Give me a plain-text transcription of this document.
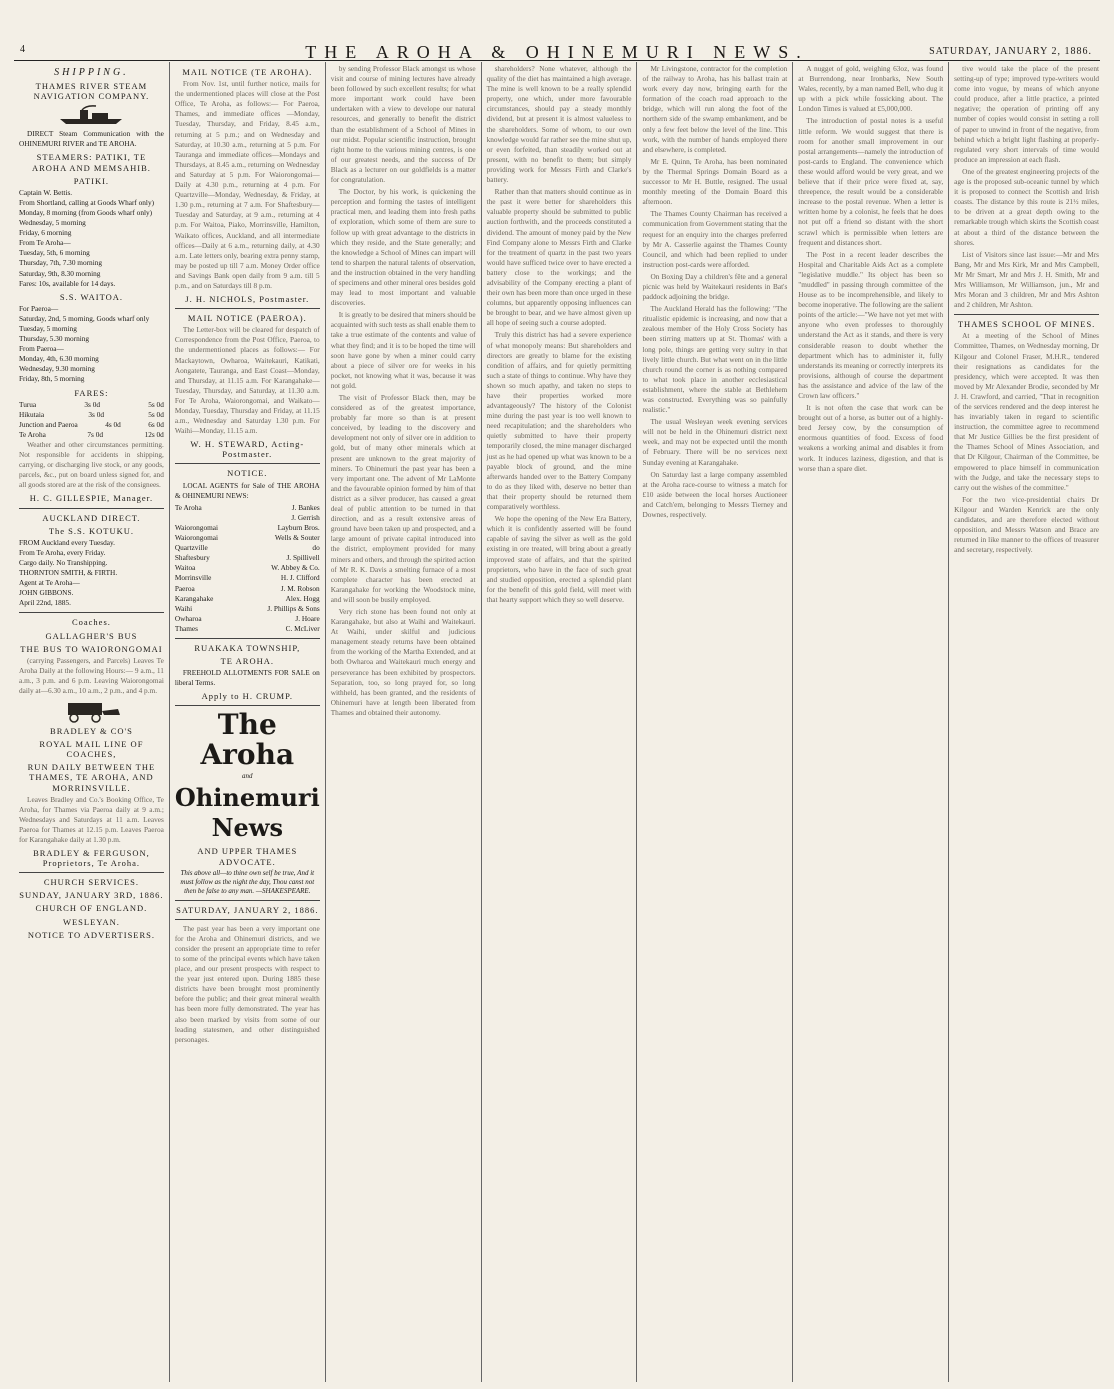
4	THE AROHA & OHINEMURI NEWS.	SATURDAY, JANUARY 2, 1886.
SHIPPING.
THAMES RIVER STEAM NAVIGATION COMPANY.

DIRECT Steam Communication with the OHINEMURI RIVER and TE AROHA.

STEAMERS: PATIKI, TE AROHA AND MEMSAHIB.
PATIKI.
Captain W. Bettis.
From Shortland, calling at Goods Wharf only)
Monday, 8 morning (from Goods wharf only)
Wednesday, 5 morning
Friday, 6 morning
From Te Aroha—
Tuesday, 5th, 6 morning
Thursday, 7th, 7.30 morning
Saturday, 9th, 8.30 morning
Fares: 10s, available for 14 days.
S.S. WAITOA.
For Paeroa—
Saturday, 2nd, 5 morning, Goods wharf only
Tuesday, 5 morning
Thursday, 5.30 morning
From Paeroa—
Monday, 4th, 6.30 morning
Wednesday, 9.30 morning
Friday, 8th, 5 morning
FARES:
Turua	3s 0d	5s 0d
Hikutaia	3s 0d	5s 0d
Junction and Paeroa	4s 0d	6s 0d
Te Aroha	7s 0d	12s 0d

Weather and other circumstances permitting. Not responsible for accidents in shipping, carrying, or discharging live stock, or any goods, parcels, &c., put on board unless signed for, and all goods stored are at the risk of the consignees.

H. C. GILLESPIE, Manager.
AUCKLAND DIRECT.
The S.S. KOTUKU.
FROM Auckland every Tuesday.
From Te Aroha, every Friday.
Cargo daily. No Transhipping.
THORNTON SMITH, & FIRTH.
Agent at Te Aroha—
JOHN GIBBONS.
April 22nd, 1885.
Coaches.
GALLAGHER'S BUS
THE BUS TO WAIORONGOMAI

(carrying Passengers, and Parcels) Leaves Te Aroha Daily at the following Hours:— 9 a.m., 11 a.m., 3 p.m. and 6 p.m. Leaving Waiorongomai daily at—6.30 a.m., 10 a.m., 2 p.m., and 4 p.m.

BRADLEY & CO'S
ROYAL MAIL LINE OF COACHES,
RUN DAILY BETWEEN THE THAMES, TE AROHA, AND MORRINSVILLE.

Leaves Bradley and Co.'s Booking Office, Te Aroha, for Thames via Paeroa daily at 9 a.m.; Wednesdays and Saturdays at 11 a.m. Leaves Paeroa for Thames at 12.15 p.m. Leaves Paeroa for Karangahake daily at 1.30 p.m.

BRADLEY & FERGUSON, Proprietors, Te Aroha.
CHURCH SERVICES.
SUNDAY, JANUARY 3RD, 1886.
CHURCH OF ENGLAND.
WESLEYAN.
NOTICE TO ADVERTISERS.
MAIL NOTICE (TE AROHA).

From Nov. 1st, until further notice, mails for the undermentioned places will close at the Post Office, Te Aroha, as follows:— For Paeroa, Thames, and immediate offices —Monday, Tuesday, Thursday, and Friday, 8.45 a.m., returning at 5 p.m.; and on Wednesday and Saturday, at 10.30 a.m., returning at 5 p.m. For Tauranga and immediate offices—Mondays and Thursdays, at 8.45 a.m., returning on Wednesday and Saturday at 5 p.m. For Waiorongomai—Daily at 4.30 p.m., returning at 4 p.m. For Quartzville—Monday, Wednesday, & Friday, at 1.30 p.m., returning at 7 a.m. For Shaftesbury—Tuesday and Saturday, at 9 a.m., returning at 4 p.m. For Waitoa, Piako, Morrinsville, Hamilton, Waikato offices, Auckland, and all intermediate offices—Daily at 6 a.m., returning daily, at 4.30 a.m. Late letters only, bearing extra penny stamp, may be posted up till 7 a.m. Money Order office and Savings Bank open daily from 9 a.m. till 5 p.m., and on Saturdays till 8 p.m.

J. H. NICHOLS, Postmaster.
MAIL NOTICE (PAEROA).

The Letter-box will be cleared for despatch of Correspondence from the Post Office, Paeroa, to the undermentioned places as follows:— For Mackaytown, Owharoa, Waitekauri, Katikati, Aongatete, Tauranga, and East Coast—Monday, and Thursday, at 11.15 a.m. For Karangahake—Tuesday, Thursday, and Saturday, at 11.30 a.m. For Te Aroha, Waiorongomai, and Waikato—Monday, Tuesday, Thursday and Friday, at 11.15 a.m., Wednesday and Saturday 1.30 p.m. For Waihi—Monday, 11.15 a.m.

W. H. STEWARD, Acting-Postmaster.
NOTICE.

LOCAL AGENTS for Sale of THE AROHA & OHINEMURI NEWS:

Te Aroha	J. Bankes
J. Gerrish
Waiorongomai	Layburn Bros.
Waiorongomai	Wells & Souter
Quartzville	do
Shaftesbury	J. Spillivell
Waitoa	W. Abbey & Co.
Morrinsville	H. J. Clifford
Paeroa	J. M. Robson
Karangahake	Alex. Hogg
Waihi	J. Phillips & Sons
Owharoa	J. Hoare
Thames	C. McLiver
RUAKAKA TOWNSHIP,
TE AROHA.

FREEHOLD ALLOTMENTS FOR SALE on liberal Terms.

Apply to H. CRUMP.
The Aroha
and
Ohinemuri News
AND UPPER THAMES ADVOCATE.
This above all—to thine own self be true, And it must follow as the night the day, Thou canst not then be false to any man. —SHAKESPEARE.
SATURDAY, JANUARY 2, 1886.

The past year has been a very important one for the Aroha and Ohinemuri districts, and we consider the present an appropriate time to refer to some of the principal events which have taken place, and our present prospects with respect to the year just entered upon. During 1885 these districts have been brought most prominently before the public; and their great mineral wealth has been more fully demonstrated. The year has also been marked by visits from some of our leading statesmen, and other distinguished personages.

by sending Professor Black amongst us whose visit and course of mining lectures have already been followed by such excellent results; for what more important work could have been undertaken with a view to develope our natural resources, and generally to benefit the district than the establishment of a School of Mines in our midst. Popular scientific instruction, brought right home to the various mining centres, is one of our greatest needs, and the success of Dr Black as a lecturer on our goldfields is a matter for congratulation.

The Doctor, by his work, is quickening the perception and forming the tastes of intelligent practical men, and leading them into fresh paths of exploration, which some of them are sure to follow up with great advantage to the districts in which they reside, and the State generally; and the knowledge a School of Mines can impart will tend to sharpen the natural talents of observation, and the instruction obtained in the very handling of specimens and other mineral ores besides gold may lead to most important and valuable discoveries.

It is greatly to be desired that miners should be acquainted with such tests as shall enable them to take a true estimate of the contents and value of what they find; and it is to be hoped the time will soon have gone by when a miner could carry about a piece of silver ore for weeks in his pocket, not knowing what it was, because it was not gold.

The visit of Professor Black then, may be considered as of the greatest importance, probably far more so than is at present conceived, by leading to the discovery and development not only of silver ore in addition to gold, but of many other minerals which at present are unknown to the great majority of miners. To Ohinemuri the past year has been a very important one. The advent of Mr LaMonte and the favourable opinion formed by him of that district as a silver producer, has caused a great deal of public attention to be turned in that direction, and as a result extensive areas of ground have been taken up and prospected, and a large amount of private capital introduced into the district, employment provided for many miners and others, and through the spirited action of Mr R. K. Davis a smelting furnace of a most complete character has been erected at Karangahake for working the Woodstock mine, and will soon be busily employed.

Very rich stone has been found not only at Karangahake, but also at Waihi and Waitekauri. At Waihi, under skilful and judicious management steady returns have been obtained from the working of the Martha Extended, and at both Owharoa and Waitekauri much energy and perseverance has been exhibited by prospectors. Separation, too, so long prayed for, so long withheld, has been granted, and the residents of Ohinemuri have at length been liberated from Thames and obtained their autonomy.

shareholders? None whatever, although the quality of the diet has maintained a high average. The mine is well known to be a really splendid property, one which, under more favourable circumstances, should pay a steady monthly dividend, but at present it is almost valueless to the shareholders. Some of whom, to our own knowledge would far rather see the mine shut up, or even forfeited, than steadily worked out at present, with no benefit to them; but simply providing work for Messrs Firth and Clarke's battery.

Rather than that matters should continue as in the past it were better for shareholders this valuable property should be submitted to public auction forthwith, and the proceeds constituted a dividend. The amount of money paid by the New Find Company alone to Messrs Firth and Clarke for the treatment of quartz in the past two years would have sufficed twice over to have erected a battery close to the workings; and the advisability of the Company erecting a plant of their own has been more than once urged in these columns, but apparently opposing influences can be brought to bear, and we have almost given up all hope of seeing such a course adopted.

Truly this district has had a severe experience of what monopoly means: But shareholders and directors are greatly to blame for the existing condition of affairs, and for quietly permitting such a state of things to continue. Why have they shown so much apathy, and taken no steps to have their properties worked more advantageously? The history of the Colonist mine during the past year is too well known to need recapitulation; and the shareholders who quietly submitted to have their property temporarily closed, the mine manager discharged just as he had opened up what was known to be a payable block of ground, and the mine afterwards handed over to the Battery Company to do as they liked with, deserve no better than that their property should be returned them comparatively worthless.

We hope the opening of the New Era Battery, which it is confidently asserted will be found capable of saving the silver as well as the gold existing in ore treated, will bring about a greatly improved state of affairs, and that the spirited proprietors, who have in the face of such great and studied opposition, erected a splendid plant for the benefit of this gold field, will meet with that hearty support which they so well deserve.

Mr Livingstone, contractor for the completion of the railway to Aroha, has his ballast train at work every day now, bringing earth for the formation of the coach road approach to the bridge, which will run along the foot of the northern side of the swamp embankment, and be only a few feet below the level of the line. This work, with the number of hands employed there and elsewhere, is completed.

Mr E. Quinn, Te Aroha, has been nominated by the Thermal Springs Domain Board as a successor to Mr H. Buttle, resigned. The usual monthly meeting of the Domain Board this afternoon.

The Thames County Chairman has received a communication from Government stating that the request for an enquiry into the charges preferred by Mr A. Casserlie against the Thames County Council, and which had been replied to under instruction post-cards were afforded.

On Boxing Day a children's fête and a general picnic was held by Waitekauri residents in Bat's paddock adjoining the bridge.

The Auckland Herald has the following: "The ritualistic epidemic is increasing, and now that a zealous member of the Holy Cross Society has been stirring matters up at St. Thomas' with a long pole, things are getting very sultry in that lively little church. But what went on in the little church round the corner is as nothing compared to what took place in another ecclesiastical establishment, where the stable at Bethlehem was constructed. Everything was so painfully realistic."

The usual Wesleyan week evening services will not be held in the Ohinemuri district next week, and may not be expected until the month of February. There will be no services next Sunday evening at Karangahake.

On Saturday last a large company assembled at the Aroha race-course to witness a match for £10 aside between the local horses Auctioneer and Catch'em, belonging to Messrs Tierney and Downes, respectively.

A nugget of gold, weighing 63oz, was found at Burrendong, near Ironbarks, New South Wales, recently, by a man named Bell, who dug it up with a pick while fossicking about. The London Times is valued at £5,000,000.

The introduction of postal notes is a useful little reform. We would suggest that there is room for another small improvement in our postal arrangements—namely the introduction of post-cards to England. The convenience which these would afford would be very great, and we believe that if their price were fixed at, say, threepence, the result would be a considerable increase to the postal revenue. When a letter is written home by a colonist, he feels that he does not put off a friend so distant with the short scrawl which is permissible when letters are frequent and distances short.

The Post in a recent leader describes the Hospital and Charitable Aids Act as a complete "legislative muddle." Its object has been so "muddled" in passing through committee of the House as to be incomprehensible, and likely to become inoperative. The following are the salient points of the article:—"We have not yet met with anyone who even professes to thoroughly understand the Act as it stands, and there is very considerable reason to doubt whether the department which has to administer it, fully understands its meaning or correctly interprets its provisions, although of course the department has the assistance and advice of the law of the Crown law officers."

It is not often the case that work can be brought out of a horse, as butter out of a highly-bred Jersey cow, by the consumption of enormous quantities of food. Excess of food weakens a working animal and disables it from work. It induces laziness, digestion, and that is worse than a spare diet.

tive would take the place of the present setting-up of type; improved type-writers would come into vogue, by means of which anyone could produce, after a little practice, a printed negative; the operation of printing off any number of copies would consist in setting a roll of paper to unwind in front of the negative, from behind which a bright light flashing at properly-regulated very short intervals of time would produce an impression at each flash.

One of the greatest engineering projects of the age is the proposed sub-oceanic tunnel by which it is proposed to connect the Scottish and Irish coasts. The distance by this route is 21½ miles, to be driven at a great depth owing to the remarkable trough which skirts the Scottish coast at about a third of the distance between the shores.

List of Visitors since last issue:—Mr and Mrs Bang, Mr and Mrs Kirk, Mr and Mrs Campbell, Mr Mr Smart, Mr and Mrs J. H. Smith, Mr and Mrs Williamson, Mr Williamson, jun., Mr and Mrs Moran and 3 children, Mr and Mrs Ashton and 2 children, Mr Ashton.

THAMES SCHOOL OF MINES.

At a meeting of the School of Mines Committee, Thames, on Wednesday morning, Dr Kilgour and Colonel Fraser, M.H.R., tendered their resignations as candidates for the presidency, which were accepted. It was then moved by Mr Alexander Brodie, seconded by Mr J. H. Crawford, and carried, "That in recognition of the services rendered and the deep interest he has invariably taken in regard to scientific instruction, the committee agree to recommend that Mr Justice Gillies be the first president of the Thames School of Mines Association, and that Dr Kilgour, Chairman of the Committee, be empowered to place himself in communication with the Judge, and take the necessary steps to carry out the wishes of the committee."

For the two vice-presidential chairs Dr Kilgour and Warden Kenrick are the only candidates, and are therefore elected without opposition, and Messrs Watson and Brace are returned in like manner to the offices of treasurer and secretary, respectively.
